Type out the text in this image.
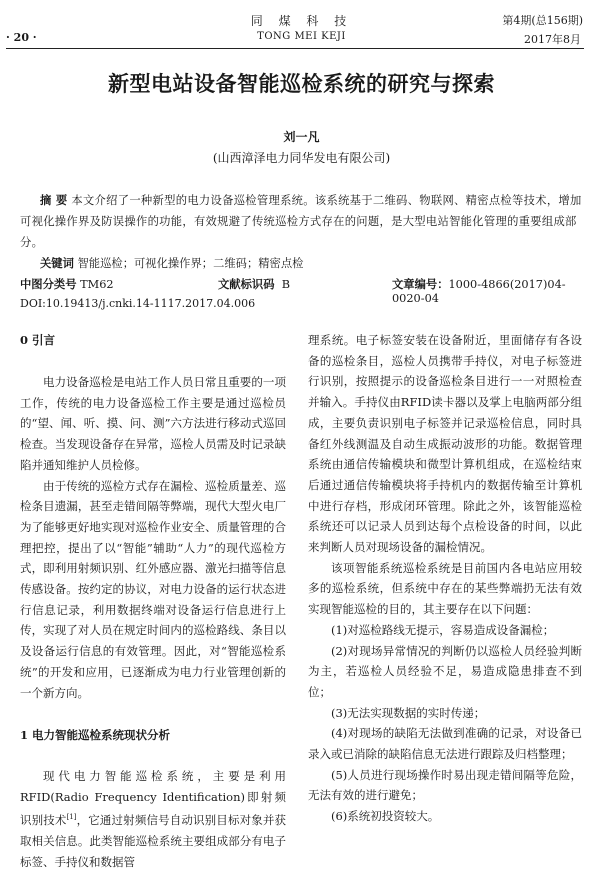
同 煤 科 技
· 20 ·	TONG MEI KEJI
第4期(总156期)
2017年8月
新型电站设备智能巡检系统的研究与探索
刘一凡
(山西漳泽电力同华发电有限公司)
摘 要 本文介绍了一种新型的电力设备巡检管理系统。该系统基于二维码、物联网、精密点检等技术，增加可视化操作界及防误操作的功能，有效规避了传统巡检方式存在的问题，是大型电站智能化管理的重要组成部分。
关键词 智能巡检；可视化操作界；二维码；精密点检
中图分类号 TM62	文献标识码 B	文章编号：1000-4866(2017)04-0020-04
DOI:10.19413/j.cnki.14-1117.2017.04.006
0 引言

电力设备巡检是电站工作人员日常且重要的一项工作，传统的电力设备巡检工作主要是通过巡检员的“望、闻、听、摸、问、测”六方法进行移动式巡回检查。当发现设备存在异常，巡检人员需及时记录缺陷并通知维护人员检修。

由于传统的巡检方式存在漏检、巡检质量差、巡检条目遗漏，甚至走错间隔等弊端，现代大型火电厂为了能够更好地实现对巡检作业安全、质量管理的合理把控，提出了以“智能”辅助“人力”的现代巡检方式，即利用射频识别、红外感应器、激光扫描等信息传感设备。按约定的协议，对电力设备的运行状态进行信息记录，利用数据终端对设备运行信息进行上传，实现了对人员在规定时间内的巡检路线、条目以及设备运行信息的有效管理。因此，对“智能巡检系统”的开发和应用，已逐渐成为电力行业管理创新的一个新方向。

1 电力智能巡检系统现状分析

现代电力智能巡检系统，主要是利用RFID(Radio Frequency Identification)即射频识别技术[1]，它通过射频信号自动识别目标对象并获取相关信息。此类智能巡检系统主要组成部分有电子标签、手持仪和数据管

理系统。电子标签安装在设备附近，里面储存有各设备的巡检条目，巡检人员携带手持仪，对电子标签进行识别，按照提示的设备巡检条目进行一一对照检查并输入。手持仪由RFID读卡器以及掌上电脑两部分组成，主要负责识别电子标签并记录巡检信息，同时具备红外线测温及自动生成振动波形的功能。数据管理系统由通信传输模块和微型计算机组成，在巡检结束后通过通信传输模块将手持机内的数据传输至计算机中进行存档，形成闭环管理。除此之外，该智能巡检系统还可以记录人员到达每个点检设备的时间，以此来判断人员对现场设备的漏检情况。

该项智能系统巡检系统是目前国内各电站应用较多的巡检系统，但系统中存在的某些弊端扔无法有效实现智能巡检的目的，其主要存在以下问题：

(1)对巡检路线无提示，容易造成设备漏检；

(2)对现场异常情况的判断仍以巡检人员经验判断为主，若巡检人员经验不足，易造成隐患排查不到位；

(3)无法实现数据的实时传递；

(4)对现场的缺陷无法做到准确的记录，对设备已录入或已消除的缺陷信息无法进行跟踪及归档整理；

(5)人员进行现场操作时易出现走错间隔等危险，无法有效的进行避免；

(6)系统初投资较大。
